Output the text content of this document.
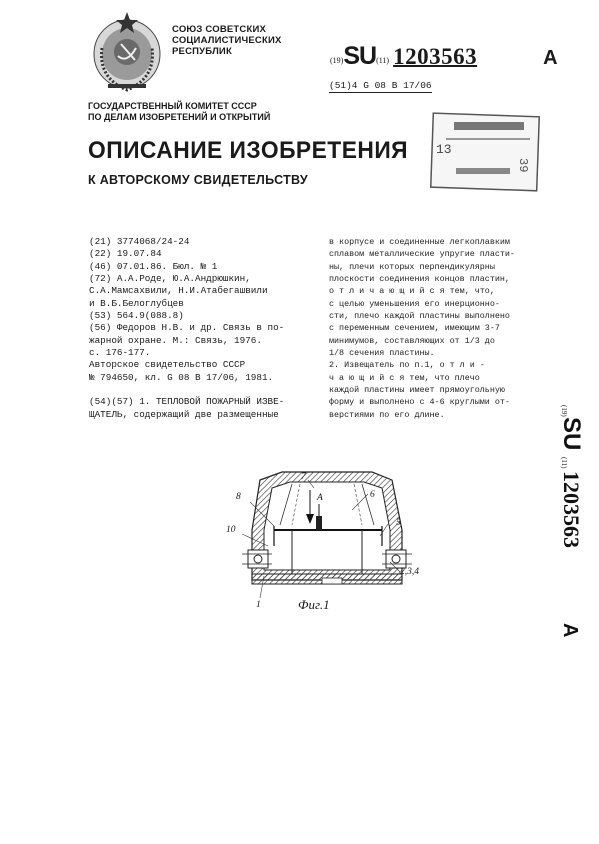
СОЮЗ СОВЕТСКИХ
СОЦИАЛИСТИЧЕСКИХ
РЕСПУБЛИК
(19)SU(11) 1203563	A
(51)4 G 08 B 17/06
ГОСУДАРСТВЕННЫЙ КОМИТЕТ СССР
ПО ДЕЛАМ ИЗОБРЕТЕНИЙ И ОТКРЫТИЙ
ОПИСАНИЕ ИЗОБРЕТЕНИЯ
К АВТОРСКОМУ СВИДЕТЕЛЬСТВУ
39
13
(21) 3774068/24-24
(22) 19.07.84
(46) 07.01.86. Бюл. № 1
(72) А.А.Роде, Ю.А.Андрюшкин,
С.А.Мамсахвили, Н.И.Атабегашвили
и В.Б.Белоглубцев
(53) 564.9(088.8)
(56) Федоров Н.В. и др. Связь в по-
жарной охране. М.: Связь, 1976.
с. 176-177.
Авторское свидетельство СССР
№ 794650, кл. G 08 B 17/06, 1981.

(54)(57) 1. ТЕПЛОВОЙ ПОЖАРНЫЙ ИЗВЕ-
ЩАТЕЛЬ, содержащий две размещенные
в корпусе и соединенные легкоплавким
сплавом металлические упругие пласти-
ны, плечи которых перпендикулярны
плоскости соединения концов пластин,
о т л и ч а ю щ и й с я тем, что,
с целью уменьшения его инерционно-
сти, плечо каждой пластины выполнено
с переменным сечением, имеющим 3-7
минимумов, составляющих от 1/3 до
1/8 сечения пластины.
2. Извещатель по п.1, о т л и -
ч а ю щ и й с я тем, что плечо
каждой пластины имеет прямоугольную
форму и выполнено с 4-6 круглыми от-
верстиями по его длине.	(19)
SU
(11)
1203563
A
7
A	6
8
5
10
2,3,4
1	Фиг.1
